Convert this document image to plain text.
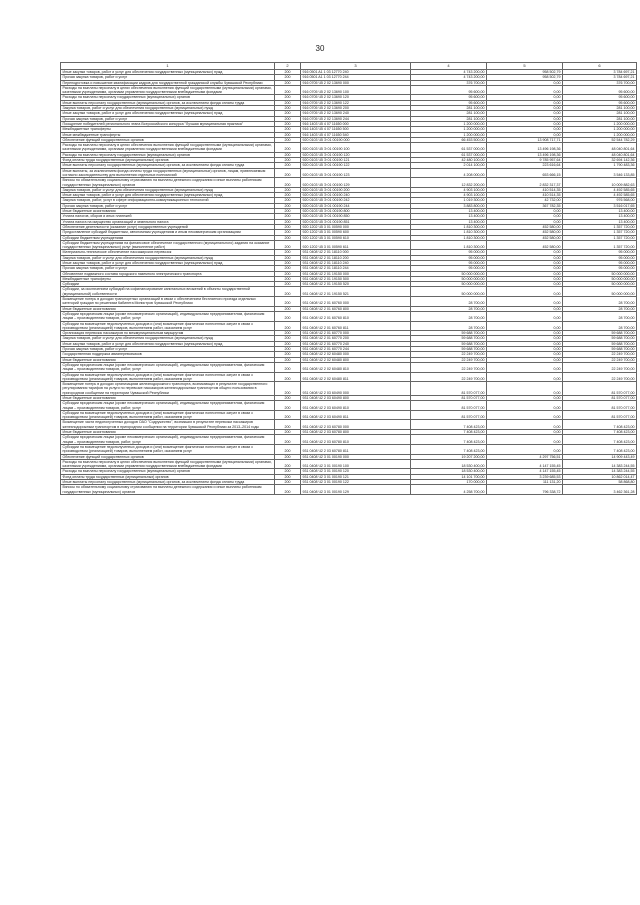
30
1	2	3	4	5	6
Иные закупки товаров, работ и услуг для обеспечения государственных (муниципальных) нужд	200	916 0501 A1 1 03 12770 240	4 743 200,00	958 502,79	3 784 697,21
Прочая закупка товаров, работ и услуг	200	916 0501 A1 1 03 12770 244	4 743 200,00	958 502,79	3 784 697,21
Переподготовка и повышение квалификации кадров для государственной гражданской службы Чувашской Республики	200	916 0705 Ч5 2 02 13690 000	376 700,00	0,00	376 700,00
Расходы на выплаты персоналу в целях обеспечения выполнения функций государственными (муниципальными) органами, казенными учреждениями, органами управления государственными внебюджетными фондами	200	916 0705 Ч5 2 02 13690 100	95 600,00	0,00	95 600,00
Расходы на выплаты персоналу государственных (муниципальных) органов	200	916 0705 Ч5 2 02 13690 120	95 600,00	0,00	95 600,00
Иные выплаты персоналу государственных (муниципальных) органов, за исключением фонда оплаты труда	200	916 0705 Ч5 2 02 13690 122	95 600,00	0,00	95 600,00
Закупка товаров, работ и услуг для обеспечения государственных (муниципальных) нужд	200	916 0705 Ч5 2 02 13690 200	281 100,00	0,00	281 100,00
Иные закупки товаров, работ и услуг для обеспечения государственных (муниципальных) нужд	200	916 0705 Ч5 2 02 13690 240	281 100,00	0,00	281 100,00
Прочая закупка товаров, работ и услуг	200	916 0705 Ч5 2 02 13690 244	281 100,00	0,00	281 100,00
Поощрение победителей регионального этапа Всероссийского конкурса "Лучшая муниципальная практика"	200	916 1403 Ч5 4 07 11650 000	1 200 000,00	0,00	1 200 000,00
Межбюджетные трансферты	200	916 1403 Ч5 4 07 11650 500	1 200 000,00	0,00	1 200 000,00
Иные межбюджетные трансферты	200	916 1403 Ч5 4 07 11650 540	1 200 000,00	0,00	1 200 000,00
Обеспечение функций государственных органов	200	920 0103 Ч5 Э 01 00190 000	66 453 500,00	13 908 717,71	52 544 782,29
Расходы на выплаты персоналу в целях обеспечения выполнения функций государственными (муниципальными) органами, казенными учреждениями, органами управления государственными внебюджетными фондами	200	920 0103 Ч5 Э 01 00190 100	61 537 000,00	13 496 198,36	48 040 801,64
Расходы на выплаты персоналу государственных (муниципальных) органов	200	920 0103 Ч5 Э 01 00190 120	61 537 000,00	13 496 198,36	48 040 801,64
Фонд оплаты труда государственных (муниципальных) органов	200	920 0103 Ч5 Э 01 00190 121	42 480 100,00	9 785 957,64	32 694 142,36
Иные выплаты персоналу государственных (муниципальных) органов, за исключением фонда оплаты труда	200	920 0103 Ч5 Э 01 00190 122	2 014 100,00	223 616,64	1 790 483,36
Иные выплаты, за исключением фонда оплаты труда государственных (муниципальных) органов, лицам, привлекаемым согласно законодательству для выполнения отдельных полномочий	200	920 0103 Ч5 Э 01 00190 123	4 208 000,00	653 666,15	3 546 133,85
Взносы по обязательному социальному страхованию на выплаты денежного содержания и иные выплаты работникам государственных (муниципальных) органов	200	920 0103 Ч5 Э 01 00190 129	12 832 200,00	2 832 317,37	10 009 882,63
Закупка товаров, работ и услуг для обеспечения государственных (муниципальных) нужд	200	920 0103 Ч5 Э 01 00190 200	4 903 100,00	410 514,35	4 492 585,65
Иные закупки товаров, работ и услуг для обеспечения государственных (муниципальных) нужд	200	920 0103 Ч5 Э 01 00190 240	4 903 100,00	410 514,35	4 492 585,65
Закупка товаров, работ, услуг в сфере информационно-коммуникационных технологий	200	920 0103 Ч5 Э 01 00190 242	1 019 300,00	42 732,00	976 568,00
Прочая закупка товаров, работ и услуг	200	920 0103 Ч5 Э 01 00190 244	3 883 800,00	367 782,35	3 516 017,65
Иные бюджетные ассигнования	200	920 0103 Ч5 Э 01 00190 800	13 400,00	0,00	13 400,00
Уплата налогов, сборов и иных платежей	200	920 0103 Ч5 Э 01 00190 850	13 400,00	0,00	13 400,00
Уплата налога на имущество организаций и земельного налога	200	920 0103 Ч5 Э 01 00190 851	13 400,00	0,00	13 400,00
Обеспечение деятельности (оказание услуг) государственных учреждений	200	920 1202 Ч5 3 01 00590 000	1 810 300,00	452 580,00	1 357 720,00
Предоставление субсидий бюджетным, автономным учреждениям и иным некоммерческим организациям	200	920 1202 Ч5 3 01 00590 600	1 810 300,00	452 580,00	1 357 720,00
Субсидии бюджетным учреждениям	200	920 1202 Ч5 3 01 00590 610	1 810 300,00	452 580,00	1 357 720,00
Субсидии бюджетным учреждениям на финансовое обеспечение государственного (муниципального) задания на оказание государственных (муниципальных) услуг (выполнение работ)	200	920 1202 Ч5 3 01 00590 611	1 810 300,00	452 580,00	1 357 720,00
Материально-техническое обеспечение пассажирских перевозок	200	931 0408 Ч2 2 01 18110 000	95 000,00	0,00	95 000,00
Закупка товаров, работ и услуг для обеспечения государственных (муниципальных) нужд	200	931 0408 Ч2 2 01 18110 200	95 000,00	0,00	95 000,00
Иные закупки товаров, работ и услуг для обеспечения государственных (муниципальных) нужд	200	931 0408 Ч2 2 01 18110 240	95 000,00	0,00	95 000,00
Прочая закупка товаров, работ и услуг	200	931 0408 Ч2 2 01 18110 244	95 000,00	0,00	95 000,00
Обновление подвижного состава городского наземного электрического транспорта	200	931 0408 Ч2 2 01 19150 000	50 000 000,00	0,00	50 000 000,00
Межбюджетные трансферты	200	931 0408 Ч2 2 01 19150 500	50 000 000,00	0,00	50 000 000,00
Субсидии	200	931 0408 Ч2 2 01 19150 520	50 000 000,00	0,00	50 000 000,00
Субсидии, за исключением субсидий на софинансирование капитальных вложений в объекты государственной (муниципальной) собственности	200	931 0408 Ч2 2 01 19150 521	50 000 000,00	0,00	50 000 000,00
Возмещение потерь в доходах транспортных организаций в связи с обеспечением бесплатного проезда отдельных категорий граждан по решениям Кабинета Министров Чувашской Республики	200	931 0408 Ч2 2 01 60760 000	28 700,00	0,00	28 700,00
Иные бюджетные ассигнования	200	931 0408 Ч2 2 01 60760 800	28 700,00	0,00	28 700,00
Субсидии юридическим лицам (кроме некоммерческих организаций), индивидуальным предпринимателям, физическим лицам – производителям товаров, работ, услуг	200	931 0408 Ч2 2 01 60760 810	28 700,00	0,00	28 700,00
Субсидии на возмещение недополученных доходов и (или) возмещение фактически понесенных затрат в связи с производством (реализацией) товаров, выполнением работ, оказанием услуг	200	931 0408 Ч2 2 01 60760 811	28 700,00	0,00	28 700,00
Организация перевозок пассажиров по межмуниципальным маршрутам	200	931 0408 Ч2 2 01 60770 000	59 688 700,00	0,00	59 688 700,00
Закупка товаров, работ и услуг для обеспечения государственных (муниципальных) нужд	200	931 0408 Ч2 2 01 60770 200	59 688 700,00	0,00	59 688 700,00
Иные закупки товаров, работ и услуг для обеспечения государственных (муниципальных) нужд	200	931 0408 Ч2 2 01 60770 240	59 688 700,00	0,00	59 688 700,00
Прочая закупка товаров, работ и услуг	200	931 0408 Ч2 2 01 60770 244	59 688 700,00	0,00	59 688 700,00
Государственная поддержка авиаперевозчиков	200	931 0408 Ч2 2 02 60480 000	22 249 700,00	0,00	22 249 700,00
Иные бюджетные ассигнования	200	931 0408 Ч2 2 02 60480 800	22 249 700,00	0,00	22 249 700,00
Субсидии юридическим лицам (кроме некоммерческих организаций), индивидуальным предпринимателям, физическим лицам – производителям товаров, работ, услуг	200	931 0408 Ч2 2 02 60480 810	22 249 700,00	0,00	22 249 700,00
Субсидии на возмещение недополученных доходов и (или) возмещение фактически понесенных затрат в связи с производством (реализацией) товаров, выполнением работ, оказанием услуг	200	931 0408 Ч2 2 02 60480 811	22 249 700,00	0,00	22 249 700,00
Возмещение потерь в доходах организациям железнодорожного транспорта, возникающих в результате государственного регулирования тарифов на услуги по перевозке пассажиров железнодорожным транспортом общего пользования в пригородном сообщении на территории Чувашской Республики	200	931 0408 Ч2 2 03 60490 000	81 570 077,00	0,00	81 570 077,00
Иные бюджетные ассигнования	200	931 0408 Ч2 2 03 60490 800	81 570 077,00	0,00	81 570 077,00
Субсидии юридическим лицам (кроме некоммерческих организаций), индивидуальным предпринимателям, физическим лицам – производителям товаров, работ, услуг	200	931 0408 Ч2 2 03 60490 810	81 570 077,00	0,00	81 570 077,00
Субсидии на возмещение недополученных доходов и (или) возмещение фактически понесенных затрат в связи с производством (реализацией) товаров, выполнением работ, оказанием услуг	200	931 0408 Ч2 2 03 60490 811	81 570 077,00	0,00	81 570 077,00
Возмещение части недополученных доходов ОАО "Содружество", возникших в результате перевозки пассажиров железнодорожным транспортом в пригородном сообщении на территории Чувашской Республики за 2013–2014 годы	200	931 0408 Ч2 2 03 60780 000	7 408 423,00	0,00	7 408 423,00
Иные бюджетные ассигнования	200	931 0408 Ч2 2 03 60780 800	7 408 423,00	0,00	7 408 423,00
Субсидии юридическим лицам (кроме некоммерческих организаций), индивидуальным предпринимателям, физическим лицам – производителям товаров, работ, услуг	200	931 0408 Ч2 2 03 60780 810	7 408 423,00	0,00	7 408 423,00
Субсидии на возмещение недополученных доходов и (или) возмещение фактически понесенных затрат в связи с производством (реализацией) товаров, выполнением работ, оказанием услуг	200	931 0408 Ч2 2 03 60780 811	7 408 423,00	0,00	7 408 423,00
Обеспечение функций государственных органов	200	931 0408 Ч2 3 01 00190 000	19 207 200,00	4 297 756,51	14 909 443,49
Расходы на выплаты персоналу в целях обеспечения выполнения функций государственными (муниципальными) органами, казенными учреждениями, органами управления государственными внебюджетными фондами	200	931 0408 Ч2 3 01 00190 100	18 530 400,00	4 147 155,45	14 383 244,55
Расходы на выплаты персоналу государственных (муниципальных) органов	200	931 0408 Ч2 3 01 00190 120	18 530 400,00	4 147 155,45	14 383 244,55
Фонд оплаты труда государственных (муниципальных) органов	200	931 0408 Ч2 3 01 00190 121	14 101 700,00	3 239 685,53	10 862 014,47
Иные выплаты персоналу государственных (муниципальных) органов, за исключением фонда оплаты труда	200	931 0408 Ч2 3 01 00190 122	170 000,00	111 131,20	58 868,80
Взносы по обязательному социальному страхованию на выплаты денежного содержания и иные выплаты работникам государственных (муниципальных) органов	200	931 0408 Ч2 3 01 00190 129	4 258 700,00	796 338,72	3 462 361,28
